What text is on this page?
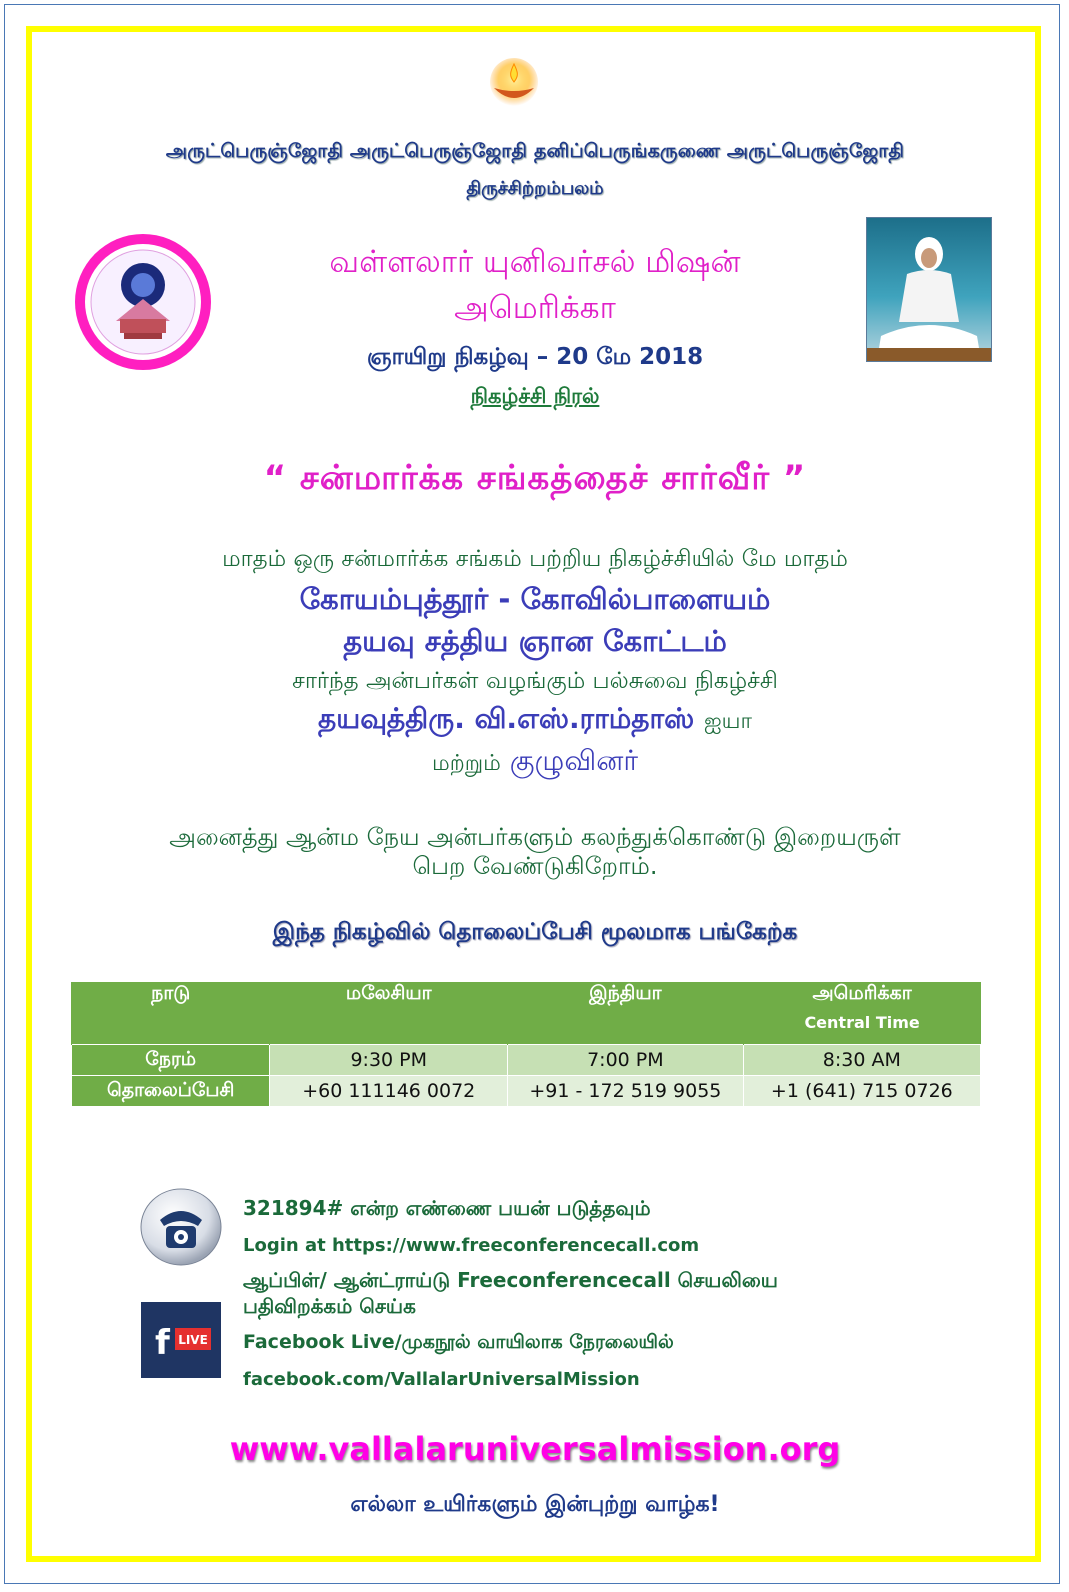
அருட்பெருஞ்ஜோதி அருட்பெருஞ்ஜோதி தனிப்பெருங்கருணை அருட்பெருஞ்ஜோதி
திருச்சிற்றம்பலம்
வள்ளலார் யுனிவர்சல் மிஷன்
அமெரிக்கா
ஞாயிறு நிகழ்வு – 20 மே 2018
நிகழ்ச்சி நிரல்
“ சன்மார்க்க சங்கத்தைச் சார்வீர் ”
மாதம் ஒரு சன்மார்க்க சங்கம் பற்றிய நிகழ்ச்சியில் மே மாதம்
கோயம்புத்தூர் - கோவில்பாளையம்
தயவு சத்திய ஞான கோட்டம்
சார்ந்த அன்பர்கள் வழங்கும் பல்சுவை நிகழ்ச்சி
தயவுத்திரு. வி.எஸ்.ராம்தாஸ் ஐயா
மற்றும் குழுவினர்
அனைத்து ஆன்ம நேய அன்பர்களும் கலந்துக்கொண்டு இறையருள்
பெற வேண்டுகிறோம்.
இந்த நிகழ்வில் தொலைப்பேசி மூலமாக பங்கேற்க
நாடு	மலேசியா	இந்தியா	அமெரிக்கா
Central Time

நேரம்	9:30 PM	7:00 PM	8:30 AM
தொலைப்பேசி	+60 111146 0072	+91 - 172 519 9055	+1 (641) 715 0726
f LIVE
321894# என்ற எண்ணை பயன் படுத்தவும்
Login at https://www.freeconferencecall.com
ஆப்பிள்/ ஆன்ட்ராய்டு Freeconferencecall செயலியை
பதிவிறக்கம் செய்க
Facebook Live/முகநூல் வாயிலாக நேரலையில்
facebook.com/VallalarUniversalMission
www.vallalaruniversalmission.org
எல்லா உயிர்களும் இன்புற்று வாழ்க!
